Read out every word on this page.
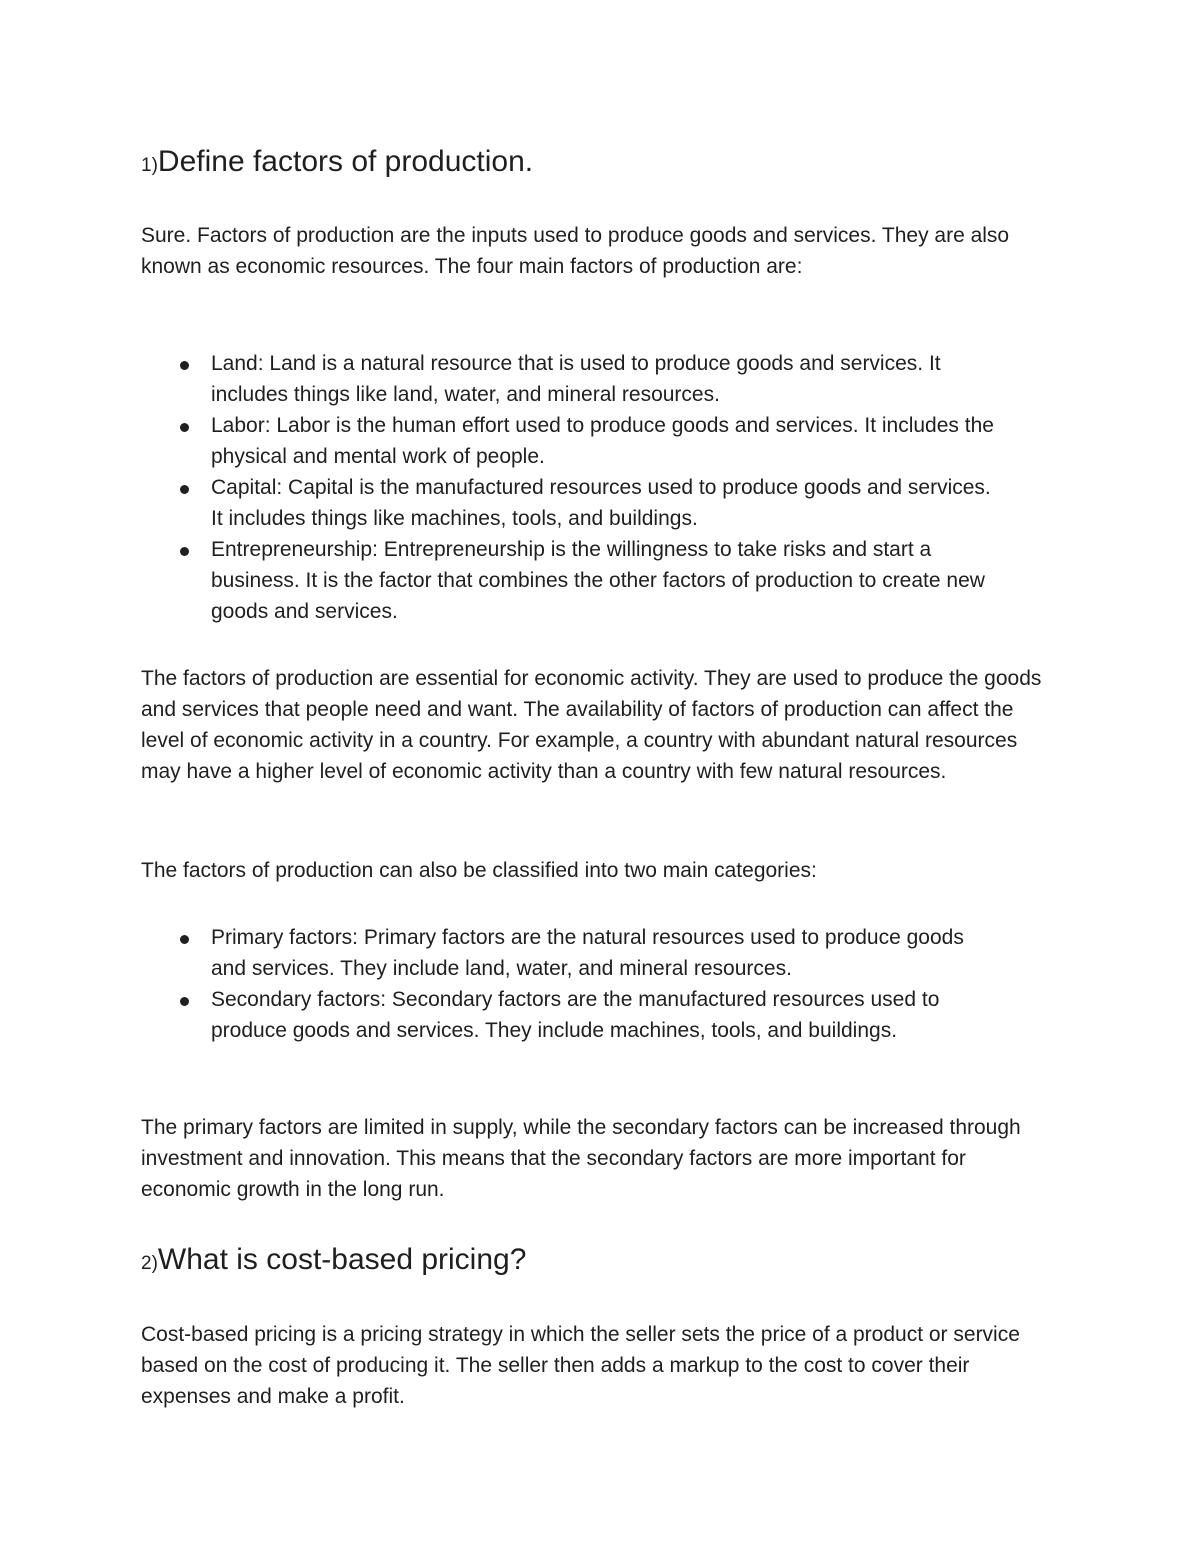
1)Define factors of production.

Sure. Factors of production are the inputs used to produce goods and services. They are also known as economic resources. The four main factors of production are:

Land: Land is a natural resource that is used to produce goods and services. It includes things like land, water, and mineral resources.
Labor: Labor is the human effort used to produce goods and services. It includes the physical and mental work of people.
Capital: Capital is the manufactured resources used to produce goods and services. It includes things like machines, tools, and buildings.
Entrepreneurship: Entrepreneurship is the willingness to take risks and start a business. It is the factor that combines the other factors of production to create new goods and services.

The factors of production are essential for economic activity. They are used to produce the goods and services that people need and want. The availability of factors of production can affect the level of economic activity in a country. For example, a country with abundant natural resources may have a higher level of economic activity than a country with few natural resources.

The factors of production can also be classified into two main categories:

Primary factors: Primary factors are the natural resources used to produce goods and services. They include land, water, and mineral resources.
Secondary factors: Secondary factors are the manufactured resources used to produce goods and services. They include machines, tools, and buildings.

The primary factors are limited in supply, while the secondary factors can be increased through investment and innovation. This means that the secondary factors are more important for economic growth in the long run.

2)What is cost-based pricing?

Cost-based pricing is a pricing strategy in which the seller sets the price of a product or service based on the cost of producing it. The seller then adds a markup to the cost to cover their expenses and make a profit.
